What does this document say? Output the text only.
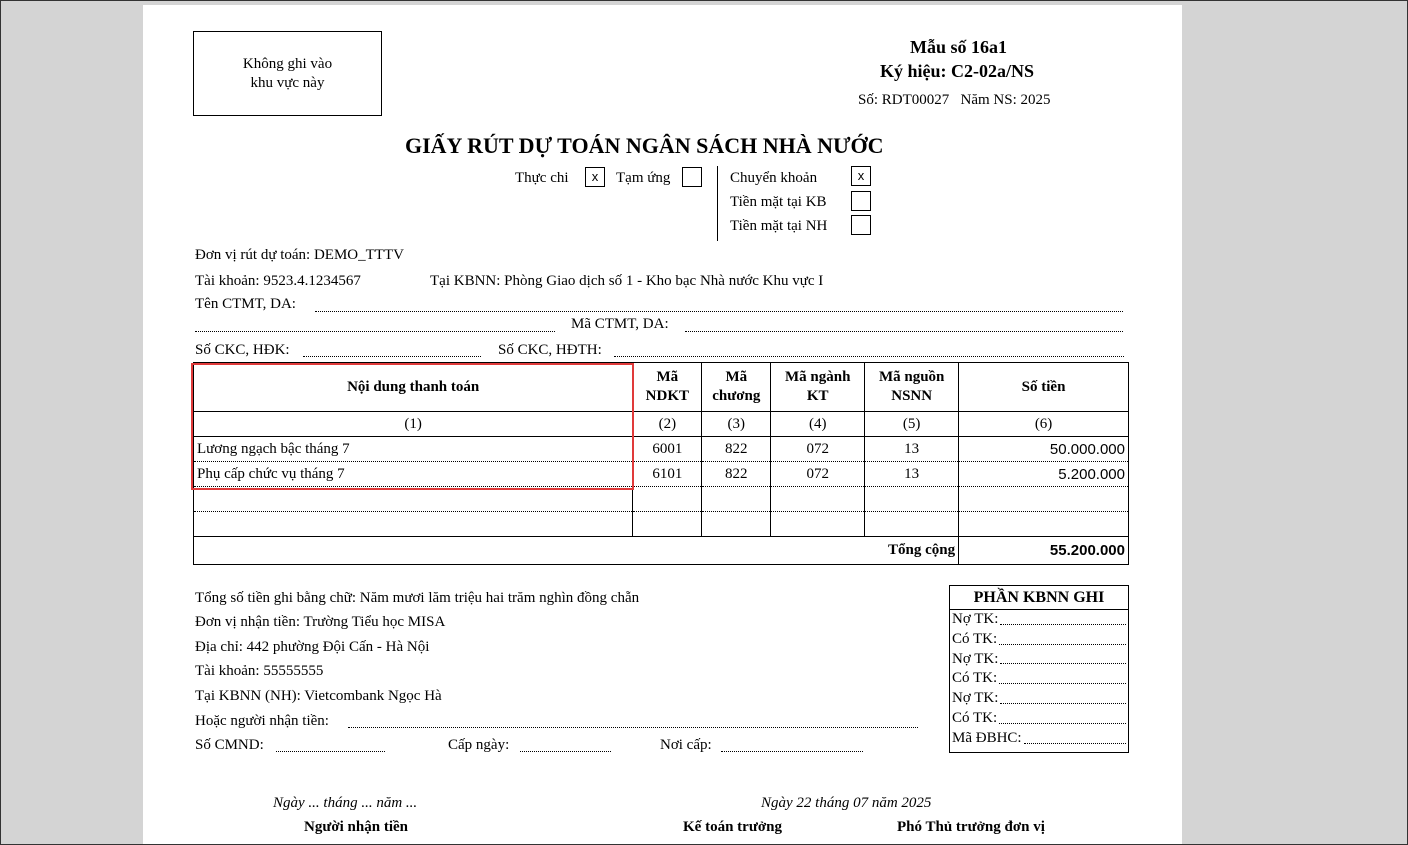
Không ghi vào
khu vực này
Mẫu số 16a1
Ký hiệu: C2-02a/NS
Số: RDT00027   Năm NS: 2025
GIẤY RÚT DỰ TOÁN NGÂN SÁCH NHÀ NƯỚC
Thực chi	x	Tạm ứng	Chuyển khoản	x
Tiền mặt tại KB
Tiền mặt tại NH
Đơn vị rút dự toán: DEMO_TTTV
Tài khoản: 9523.4.1234567	Tại KBNN: Phòng Giao dịch số 1 - Kho bạc Nhà nước Khu vực I
Tên CTMT, DA:
Mã CTMT, DA:
Số CKC, HĐK:	Số CKC, HĐTH:
Nội dung thanh toán	Mã NDKT	Mã chương	Mã ngành KT	Mã nguồn NSNN	Số tiền
(1)	(2)	(3)	(4)	(5)	(6)
Lương ngạch bậc tháng 7	6001	822	072	13	50.000.000
Phụ cấp chức vụ tháng 7	6101	822	072	13	5.200.000

Tổng cộng					55.200.000
Tổng số tiền ghi bằng chữ: Năm mươi lăm triệu hai trăm nghìn đồng chẵn
Đơn vị nhận tiền: Trường Tiểu học MISA
Địa chỉ: 442 phường Đội Cấn - Hà Nội
Tài khoản: 55555555
Tại KBNN (NH): Vietcombank Ngọc Hà
Hoặc người nhận tiền:
Số CMND:	Cấp ngày:	Nơi cấp:
PHẦN KBNN GHI
Nợ TK:
Có TK:
Nợ TK:
Có TK:
Nợ TK:
Có TK:
Mã ĐBHC:
Ngày ... tháng ... năm ...	Ngày 22 tháng 07 năm 2025
Người nhận tiền	Kế toán trưởng	Phó Thủ trưởng đơn vị
